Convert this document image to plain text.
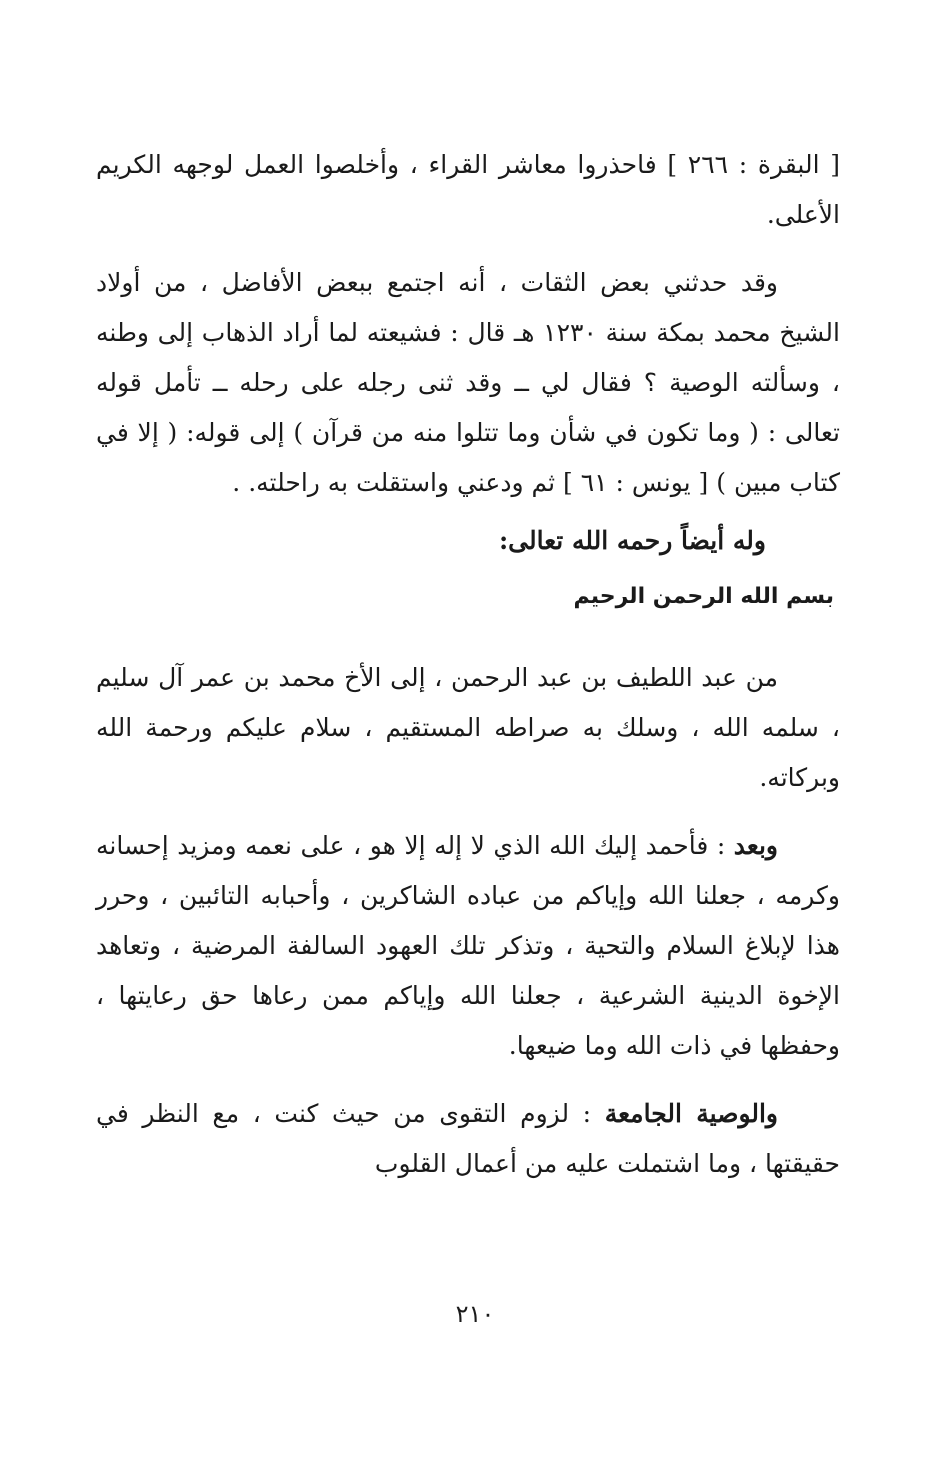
[ البقرة : ٢٦٦ ] فاحذروا معاشر القراء ، وأخلصوا العمل لوجهه الكريم الأعلى.

وقد حدثني بعض الثقات ، أنه اجتمع ببعض الأفاضل ، من أولاد الشيخ محمد بمكة سنة ١٢٣٠ هـ قال : فشيعته لما أراد الذهاب إلى وطنه ، وسألته الوصية ؟ فقال لي ــ وقد ثنى رجله على رحله ــ تأمل قوله تعالى : ( وما تكون في شأن وما تتلوا منه من قرآن ) إلى قوله: ( إلا في كتاب مبين ) [ يونس : ٦١ ] ثم ودعني واستقلت به راحلته. .

وله أيضاً رحمه الله تعالى:

بسم الله الرحمن الرحيم

من عبد اللطيف بن عبد الرحمن ، إلى الأخ محمد بن عمر آل سليم ، سلمه الله ، وسلك به صراطه المستقيم ، سلام عليكم ورحمة الله وبركاته.

وبعد : فأحمد إليك الله الذي لا إله إلا هو ، على نعمه ومزيد إحسانه وكرمه ، جعلنا الله وإياكم من عباده الشاكرين ، وأحبابه التائبين ، وحرر هذا لإبلاغ السلام والتحية ، وتذكر تلك العهود السالفة المرضية ، وتعاهد الإخوة الدينية الشرعية ، جعلنا الله وإياكم ممن رعاها حق رعايتها ، وحفظها في ذات الله وما ضيعها.

والوصية الجامعة : لزوم التقوى من حيث كنت ، مع النظر في حقيقتها ، وما اشتملت عليه من أعمال القلوب

٢١٠
